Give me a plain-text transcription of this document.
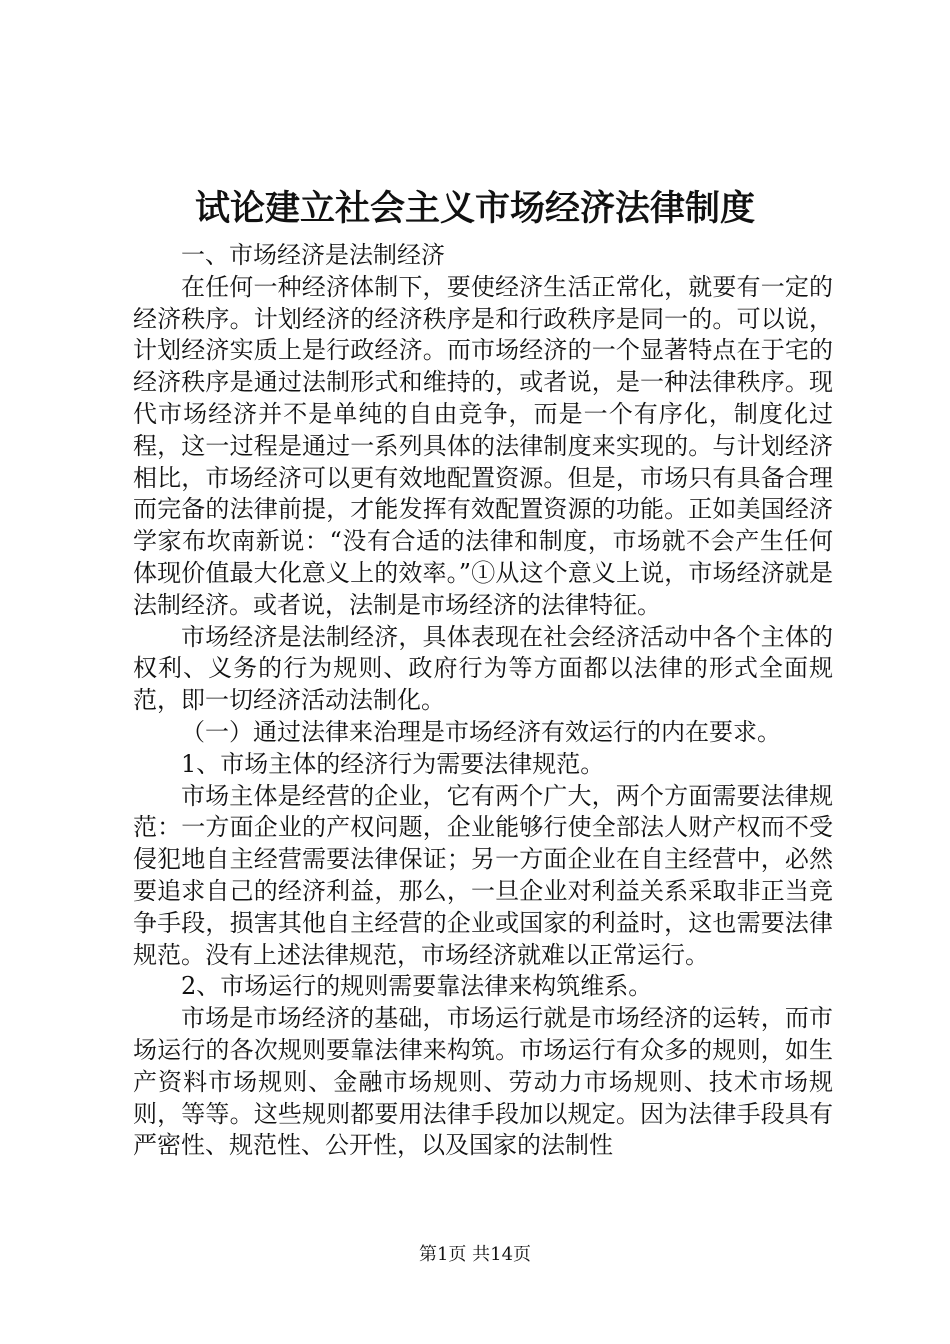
试论建立社会主义市场经济法律制度

一、市场经济是法制经济

在任何一种经济体制下，要使经济生活正常化，就要有一定的经济秩序。计划经济的经济秩序是和行政秩序是同一的。可以说，计划经济实质上是行政经济。而市场经济的一个显著特点在于宅的经济秩序是通过法制形式和维持的，或者说，是一种法律秩序。现代市场经济并不是单纯的自由竞争，而是一个有序化，制度化过程，这一过程是通过一系列具体的法律制度来实现的。与计划经济相比，市场经济可以更有效地配置资源。但是，市场只有具备合理而完备的法律前提，才能发挥有效配置资源的功能。正如美国经济学家布坎南新说：“没有合适的法律和制度，市场就不会产生任何体现价值最大化意义上的效率。”①从这个意义上说，市场经济就是法制经济。或者说，法制是市场经济的法律特征。

市场经济是法制经济，具体表现在社会经济活动中各个主体的权利、义务的行为规则、政府行为等方面都以法律的形式全面规范，即一切经济活动法制化。

（一）通过法律来治理是市场经济有效运行的内在要求。

1、市场主体的经济行为需要法律规范。

市场主体是经营的企业，它有两个广大，两个方面需要法律规范：一方面企业的产权问题，企业能够行使全部法人财产权而不受侵犯地自主经营需要法律保证；另一方面企业在自主经营中，必然要追求自己的经济利益，那么，一旦企业对利益关系采取非正当竞争手段，损害其他自主经营的企业或国家的利益时，这也需要法律规范。没有上述法律规范，市场经济就难以正常运行。

2、市场运行的规则需要靠法律来构筑维系。

市场是市场经济的基础，市场运行就是市场经济的运转，而市场运行的各次规则要靠法律来构筑。市场运行有众多的规则，如生产资料市场规则、金融市场规则、劳动力市场规则、技术市场规则，等等。这些规则都要用法律手段加以规定。因为法律手段具有严密性、规范性、公开性，以及国家的法制性

第1页 共14页
